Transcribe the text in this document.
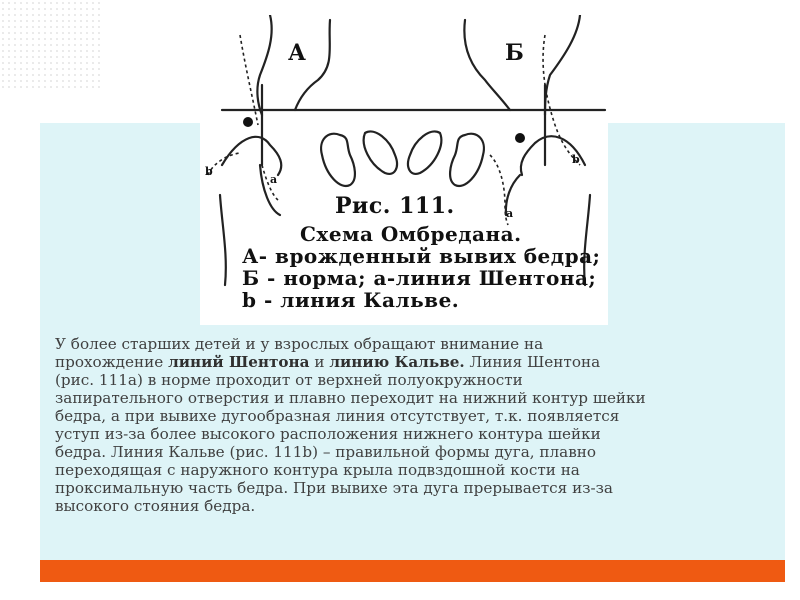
А	Б
b
a
b
a
Рис. 111.
Схема Омбредана.
А- врожденный вывих бедра;
Б - норма; а-линия Шентона;
b - линия Кальве.

У более старших детей и у взрослых обращают внимание на

прохождение линий Шентона и линию Кальве. Линия Шентона

(рис. 111а) в норме проходит от верхней полуокружности

запирательного отверстия и плавно переходит на нижний контур шейки

бедра, а при вывихе дугообразная линия отсутствует, т.к. появляется

уступ из-за более высокого расположения нижнего контура шейки

бедра. Линия Кальве (рис. 111b) – правильной формы дуга, плавно

переходящая с наружного контура крыла подвздошной кости на

проксимальную часть бедра. При вывихе эта дуга прерывается из-за

высокого стояния бедра.
